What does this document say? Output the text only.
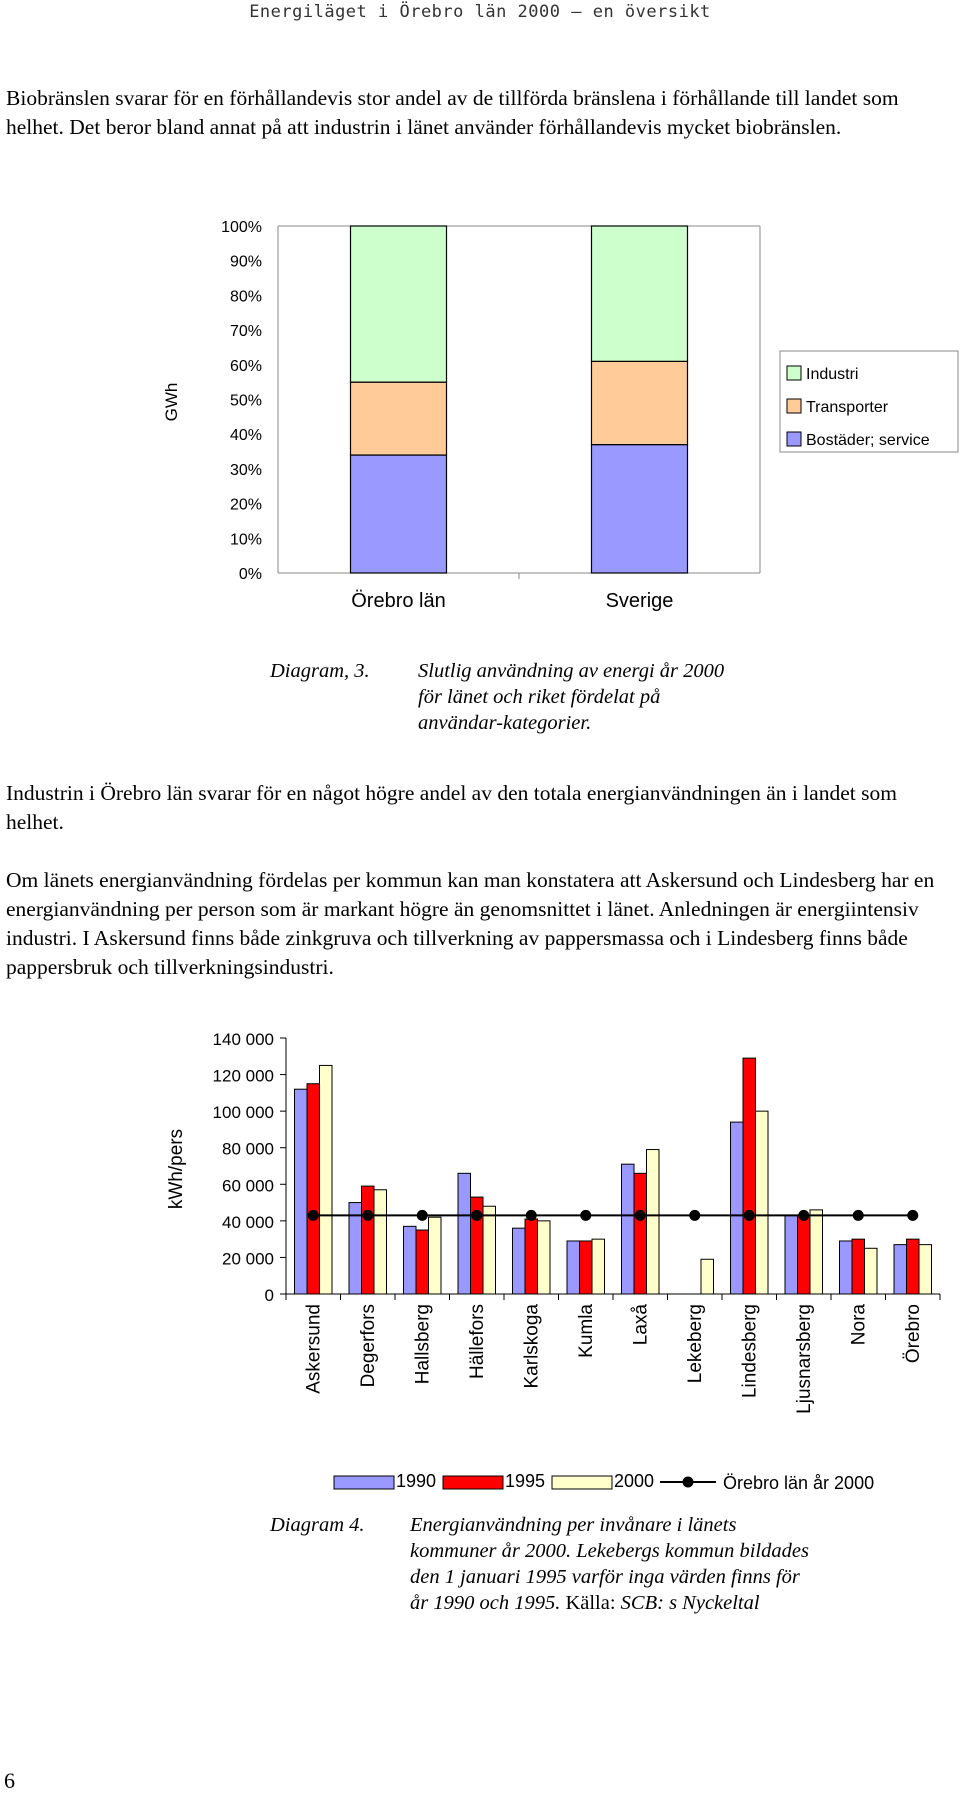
Energiläget i Örebro län 2000 – en översikt
Biobränslen svarar för en förhållandevis stor andel av de tillförda bränslena i förhållande till landet som helhet. Det beror bland annat på att industrin i länet använder förhållandevis mycket biobränslen.
0%
10%
20%
30%
40%
50%
60%
70%
80%
90%
100%
Örebro län	Sverige
GWh
Industri
Transporter
Bostäder; service
Diagram, 3. Slutlig användning av energi år 2000 för länet och riket fördelat på användar-kategorier.
Industrin i Örebro län svarar för en något högre andel av den totala energianvändningen än i landet som helhet.
Om länets energianvändning fördelas per kommun kan man konstatera att Askersund och Lindesberg har en energianvändning per person som är markant högre än genomsnittet i länet. Anledningen är energiintensiv industri. I Askersund finns både zinkgruva och tillverkning av pappersmassa och i Lindesberg finns både pappersbruk och tillverkningsindustri.
0
20 000
40 000
60 000
80 000
100 000
120 000
140 000
Askersund Degerfors Hallsberg Hällefors Karlskoga Kumla Laxå Lekeberg Lindesberg Ljusnarsberg Nora Örebro
kWh/pers
1990	1995	2000	Örebro län år 2000
Diagram 4. Energianvändning per invånare i länets kommuner år 2000. Lekebergs kommun bildades den 1 januari 1995 varför inga värden finns för år 1990 och 1995. Källa: SCB: s Nyckeltal
6
